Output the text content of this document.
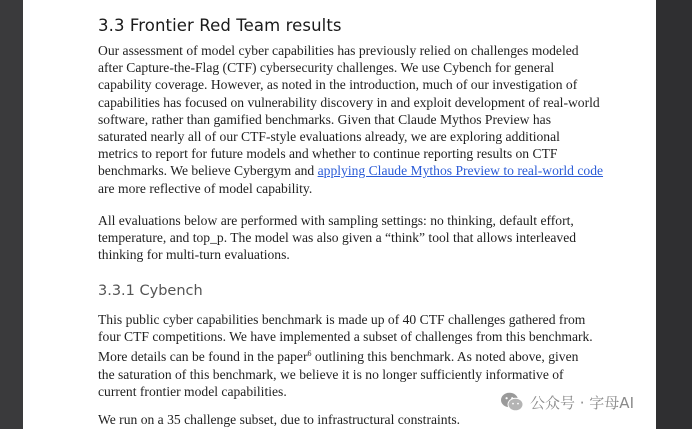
3.3 Frontier Red Team results
Our assessment of model cyber capabilities has previously relied on challenges modeled
after Capture-the-Flag (CTF) cybersecurity challenges. We use Cybench for general
capability coverage. However, as noted in the introduction, much of our investigation of
capabilities has focused on vulnerability discovery in and exploit development of real-world
software, rather than gamified benchmarks. Given that Claude Mythos Preview has
saturated nearly all of our CTF-style evaluations already, we are exploring additional
metrics to report for future models and whether to continue reporting results on CTF
benchmarks. We believe Cybergym and applying Claude Mythos Preview to real-world code
are more reflective of model capability.
All evaluations below are performed with sampling settings: no thinking, default effort,
temperature, and top_p. The model was also given a “think” tool that allows interleaved
thinking for multi-turn evaluations.
3.3.1 Cybench
This public cyber capabilities benchmark is made up of 40 CTF challenges gathered from
four CTF competitions. We have implemented a subset of challenges from this benchmark.
More details can be found in the paper$^6$ outlining this benchmark. As noted above, given
the saturation of this benchmark, we believe it is no longer sufficiently informative of
current frontier model capabilities.
We run on a 35 challenge subset, due to infrastructural constraints.
公众号 · 字母AI
